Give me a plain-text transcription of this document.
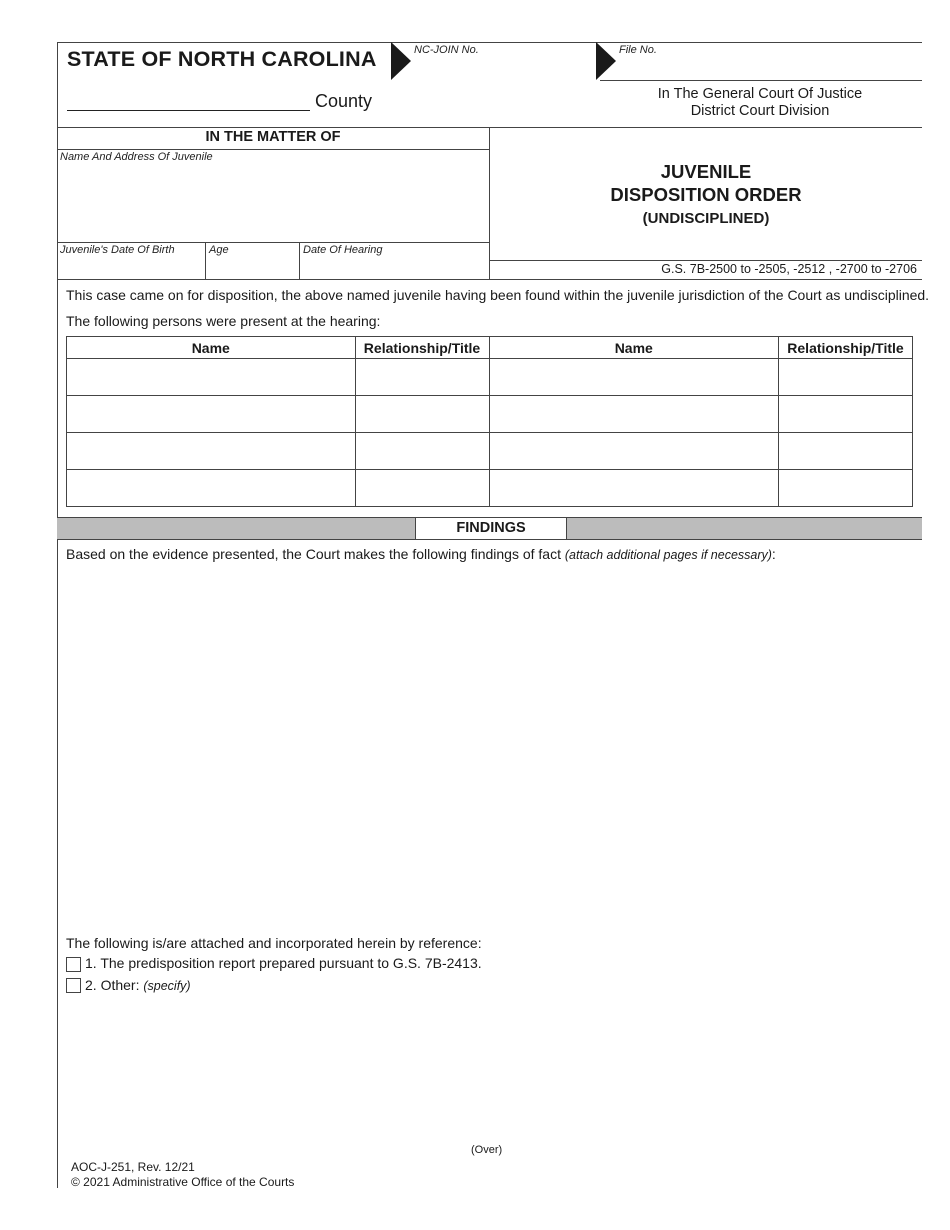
STATE OF NORTH CAROLINA	NC-JOIN No.	File No.
County	In The General Court Of Justice
District Court Division
IN THE MATTER OF
Name And Address Of Juvenile
Juvenile's Date Of Birth	Age	Date Of Hearing
JUVENILE
DISPOSITION ORDER
(UNDISCIPLINED)
G.S. 7B-2500 to -2505, -2512 , -2700 to -2706
This case came on for disposition, the above named juvenile having been found within the juvenile jurisdiction of the Court as undisciplined.
The following persons were present at the hearing:
Name	Relationship/Title	Name	Relationship/Title

FINDINGS
Based on the evidence presented, the Court makes the following findings of fact (attach additional pages if necessary):
The following is/are attached and incorporated herein by reference:
1. The predisposition report prepared pursuant to G.S. 7B-2413.
2. Other: (specify)
(Over)
AOC-J-251, Rev. 12/21
© 2021 Administrative Office of the Courts
